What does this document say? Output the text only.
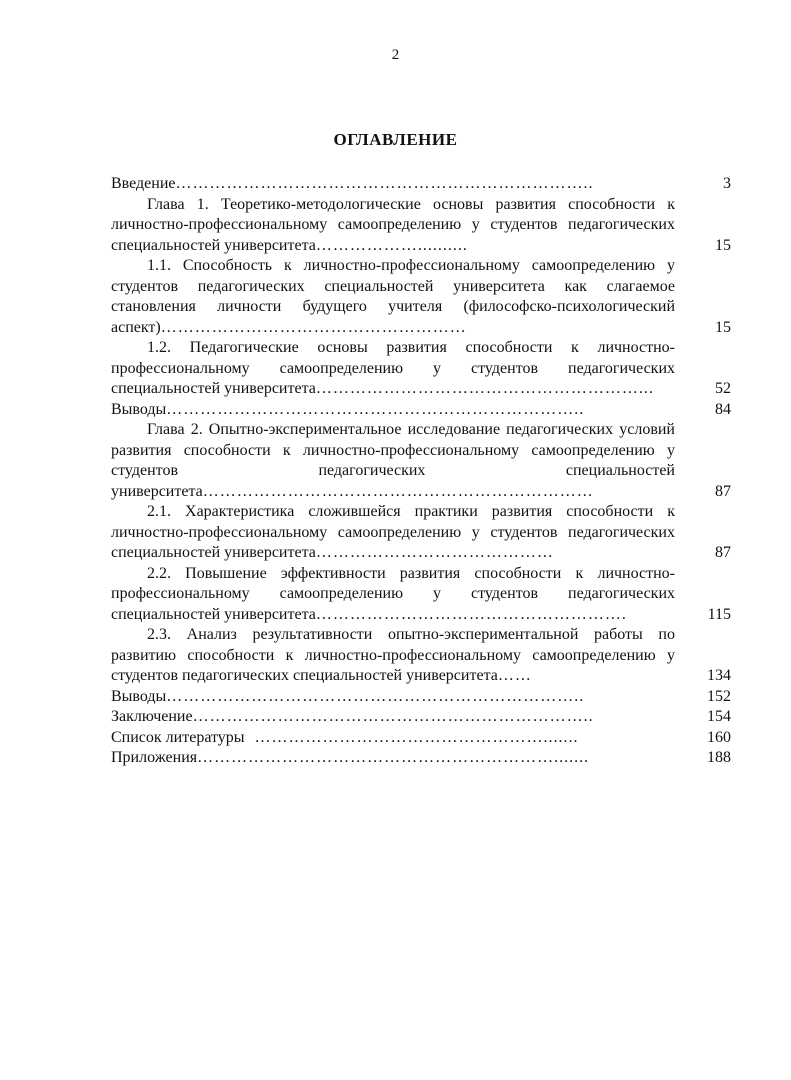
2
ОГЛАВЛЕНИЕ
Введение………………………………………………………………..	3
Глава 1. Теоретико-методологические основы развития способности к личностно-профессиональному самоопределению у студентов педагогических специальностей университета………………..........	15
1.1. Способность к личностно-профессиональному самоопределению у студентов педагогических специальностей университета как слагаемое становления личности будущего учителя (философско-психологический аспект)………………………………………………	15
1.2. Педагогические основы развития способности к личностно-профессиональному самоопределению у студентов педагогических специальностей университета…………………………………………………...	52
Выводы………………………………………………………………..	84
Глава 2. Опытно-экспериментальное исследование педагогических условий развития способности к личностно-профессиональному самоопределению у студентов педагогических специальностей университета……………………………………………………………	87
2.1. Характеристика сложившейся практики развития способности к личностно-профессиональному самоопределению у студентов педагогических специальностей университета……………………………………	87
2.2. Повышение эффективности развития способности к личностно-профессиональному самоопределению у студентов педагогических специальностей университета……………………………………………….	115
2.3. Анализ результативности опытно-экспериментальной работы по развитию способности к личностно-профессиональному самоопределению у студентов педагогических специальностей университета……	134
Выводы………………………………………………………………..	152
Заключение……………………………………………………………..	154
Список литературы  …………………………………………….......	160
Приложения……………………………………………………….......	188
